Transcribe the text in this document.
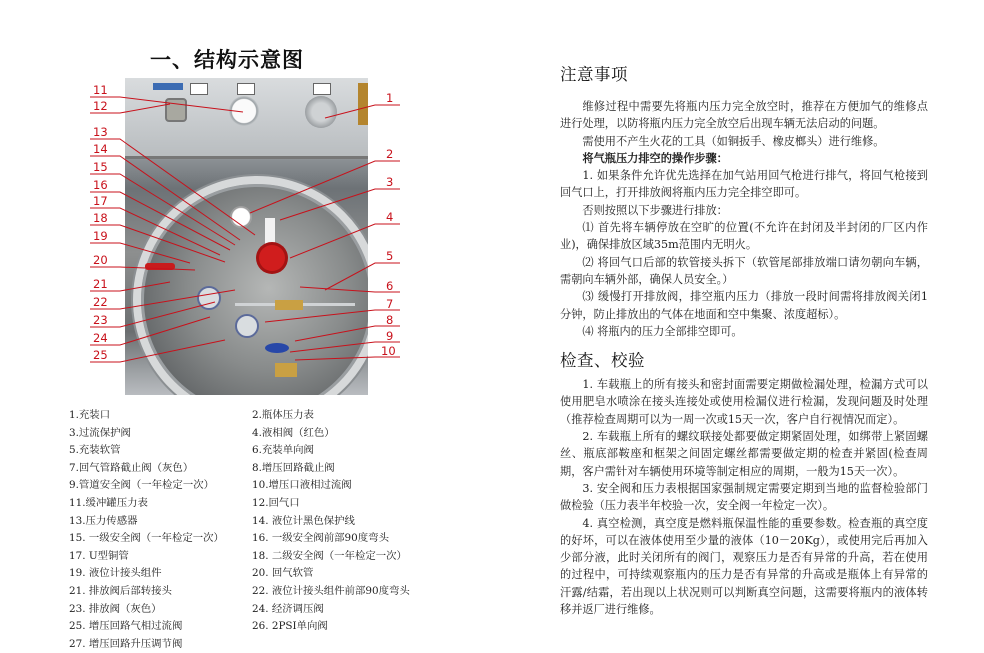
一、结构示意图
1
2
3
4
5
6
7
8
9
10
11
12
13
14
15
16
17
18
19
20
21
22
23
24
25
1.充装口	2.瓶体压力表
3.过流保护阀	4.液相阀（红色）
5.充装软管	6.充装单向阀
7.回气管路截止阀（灰色）	8.增压回路截止阀
9.管道安全阀（一年检定一次）	10.增压口液相过流阀
11.缓冲罐压力表	12.回气口
13.压力传感器	14. 液位计黑色保护线
15. 一级安全阀（一年检定一次）	16. 一级安全阀前部90度弯头
17. U型铜管	18. 二级安全阀（一年检定一次）
19. 液位计接头组件	20. 回气软管
21. 排放阀后部转接头	22. 液位计接头组件前部90度弯头
23. 排放阀（灰色）	24. 经济调压阀
25. 增压回路气相过流阀	26. 2PSI单向阀
27. 增压回路升压调节阀
注意事项

维修过程中需要先将瓶内压力完全放空时，推荐在方便加气的维修点进行处理，以防将瓶内压力完全放空后出现车辆无法启动的问题。

需使用不产生火花的工具（如铜扳手、橡皮榔头）进行维修。

将气瓶压力排空的操作步骤：

1. 如果条件允许优先选择在加气站用回气枪进行排气，将回气枪接到回气口上，打开排放阀将瓶内压力完全排空即可。

否则按照以下步骤进行排放：

⑴ 首先将车辆停放在空旷的位置(不允许在封闭及半封闭的厂区内作业)，确保排放区域35m范围内无明火。

⑵ 将回气口后部的软管接头拆下（软管尾部排放端口请勿朝向车辆，需朝向车辆外部，确保人员安全。）

⑶ 缓慢打开排放阀，排空瓶内压力（排放一段时间需将排放阀关闭1分钟，防止排放出的气体在地面和空中集聚、浓度超标）。

⑷ 将瓶内的压力全部排空即可。

检查、校验

1. 车载瓶上的所有接头和密封面需要定期做检漏处理，检漏方式可以使用肥皂水喷涂在接头连接处或使用检漏仪进行检漏，发现问题及时处理（推荐检查周期可以为一周一次或15天一次，客户自行视情况而定）。

2. 车载瓶上所有的螺纹联接处都要做定期紧固处理，如绑带上紧固螺丝、瓶底部鞍座和框架之间固定螺丝都需要做定期的检查并紧固(检查周期，客户需针对车辆使用环境等制定相应的周期，一般为15天一次）。

3. 安全阀和压力表根据国家强制规定需要定期到当地的监督检验部门做检验（压力表半年校验一次，安全阀一年检定一次）。

4. 真空检测，真空度是燃料瓶保温性能的重要参数。检查瓶的真空度的好坏，可以在液体使用至少量的液体（10－20Kg），或使用完后再加入少部分液，此时关闭所有的阀门，观察压力是否有异常的升高，若在使用的过程中，可持续观察瓶内的压力是否有异常的升高或是瓶体上有异常的汗露/结霜，若出现以上状况则可以判断真空问题，这需要将瓶内的液体转移并返厂进行维修。
